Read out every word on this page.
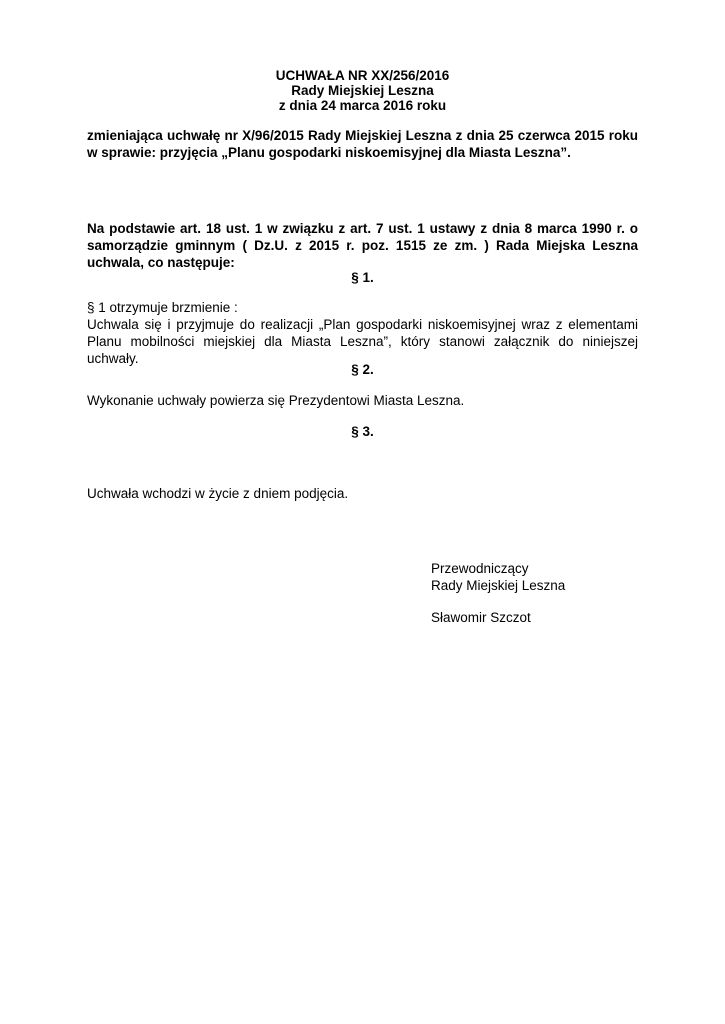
UCHWAŁA NR XX/256/2016
Rady Miejskiej Leszna
z dnia 24 marca 2016 roku
zmieniająca uchwałę nr X/96/2015 Rady Miejskiej Leszna z dnia 25 czerwca 2015 roku w sprawie: przyjęcia „Planu gospodarki niskoemisyjnej dla Miasta Leszna”.
Na podstawie art. 18 ust. 1 w związku z art. 7 ust. 1 ustawy z dnia 8 marca 1990 r. o samorządzie gminnym ( Dz.U. z 2015 r. poz. 1515 ze zm. ) Rada Miejska Leszna uchwala, co następuje:
§ 1.
§ 1 otrzymuje brzmienie :
Uchwala się i przyjmuje do realizacji „Plan gospodarki niskoemisyjnej wraz z elementami Planu mobilności miejskiej dla Miasta Leszna”, który stanowi załącznik do niniejszej uchwały.
§ 2.
Wykonanie uchwały powierza się Prezydentowi Miasta Leszna.
§ 3.
Uchwała wchodzi w życie z dniem podjęcia.
Przewodniczący
Rady Miejskiej Leszna
Sławomir Szczot
